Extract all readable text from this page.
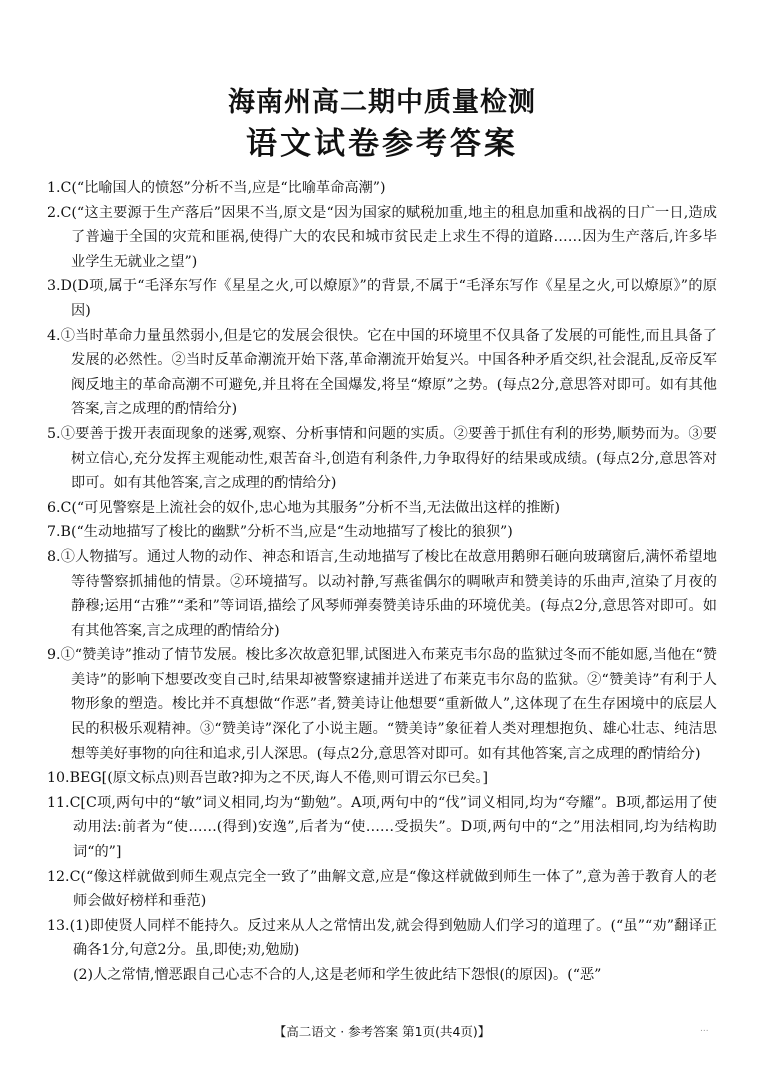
海南州高二期中质量检测
语文试卷参考答案

1.C(“比喻国人的愤怒”分析不当,应是“比喻革命高潮”)

2.C(“这主要源于生产落后”因果不当,原文是“因为国家的赋税加重,地主的租息加重和战祸的日广一日,造成了普遍于全国的灾荒和匪祸,使得广大的农民和城市贫民走上求生不得的道路……因为生产落后,许多毕业学生无就业之望”)

3.D(D项,属于“毛泽东写作《星星之火,可以燎原》”的背景,不属于“毛泽东写作《星星之火,可以燎原》”的原因)

4.①当时革命力量虽然弱小,但是它的发展会很快。它在中国的环境里不仅具备了发展的可能性,而且具备了发展的必然性。②当时反革命潮流开始下落,革命潮流开始复兴。中国各种矛盾交织,社会混乱,反帝反军阀反地主的革命高潮不可避免,并且将在全国爆发,将呈“燎原”之势。(每点2分,意思答对即可。如有其他答案,言之成理的酌情给分)

5.①要善于拨开表面现象的迷雾,观察、分析事情和问题的实质。②要善于抓住有利的形势,顺势而为。③要树立信心,充分发挥主观能动性,艰苦奋斗,创造有利条件,力争取得好的结果或成绩。(每点2分,意思答对即可。如有其他答案,言之成理的酌情给分)

6.C(“可见警察是上流社会的奴仆,忠心地为其服务”分析不当,无法做出这样的推断)

7.B(“生动地描写了梭比的幽默”分析不当,应是“生动地描写了梭比的狼狈”)

8.①人物描写。通过人物的动作、神态和语言,生动地描写了梭比在故意用鹅卵石砸向玻璃窗后,满怀希望地等待警察抓捕他的情景。②环境描写。以动衬静,写燕雀偶尔的啁啾声和赞美诗的乐曲声,渲染了月夜的静穆;运用“古雅”“柔和”等词语,描绘了风琴师弹奏赞美诗乐曲的环境优美。(每点2分,意思答对即可。如有其他答案,言之成理的酌情给分)

9.①“赞美诗”推动了情节发展。梭比多次故意犯罪,试图进入布莱克韦尔岛的监狱过冬而不能如愿,当他在“赞美诗”的影响下想要改变自己时,结果却被警察逮捕并送进了布莱克韦尔岛的监狱。②“赞美诗”有利于人物形象的塑造。梭比并不真想做“作恶”者,赞美诗让他想要“重新做人”,这体现了在生存困境中的底层人民的积极乐观精神。③“赞美诗”深化了小说主题。“赞美诗”象征着人类对理想抱负、雄心壮志、纯洁思想等美好事物的向往和追求,引人深思。(每点2分,意思答对即可。如有其他答案,言之成理的酌情给分)

10.BEG[(原文标点)则吾岂敢?抑为之不厌,诲人不倦,则可谓云尔已矣。]

11.C[C项,两句中的“敏”词义相同,均为“勤勉”。A项,两句中的“伐”词义相同,均为“夸耀”。B项,都运用了使动用法:前者为“使……(得到)安逸”,后者为“使……受损失”。D项,两句中的“之”用法相同,均为结构助词“的”]

12.C(“像这样就做到师生观点完全一致了”曲解文意,应是“像这样就做到师生一体了”,意为善于教育人的老师会做好榜样和垂范)

13.(1)即使贤人同样不能持久。反过来从人之常情出发,就会得到勉励人们学习的道理了。(“虽”“劝”翻译正确各1分,句意2分。虽,即使;劝,勉励)

(2)人之常情,憎恶跟自己心志不合的人,这是老师和学生彼此结下怨恨(的原因)。(“恶”

【高二语文 · 参考答案 第1页(共4页)】	...
